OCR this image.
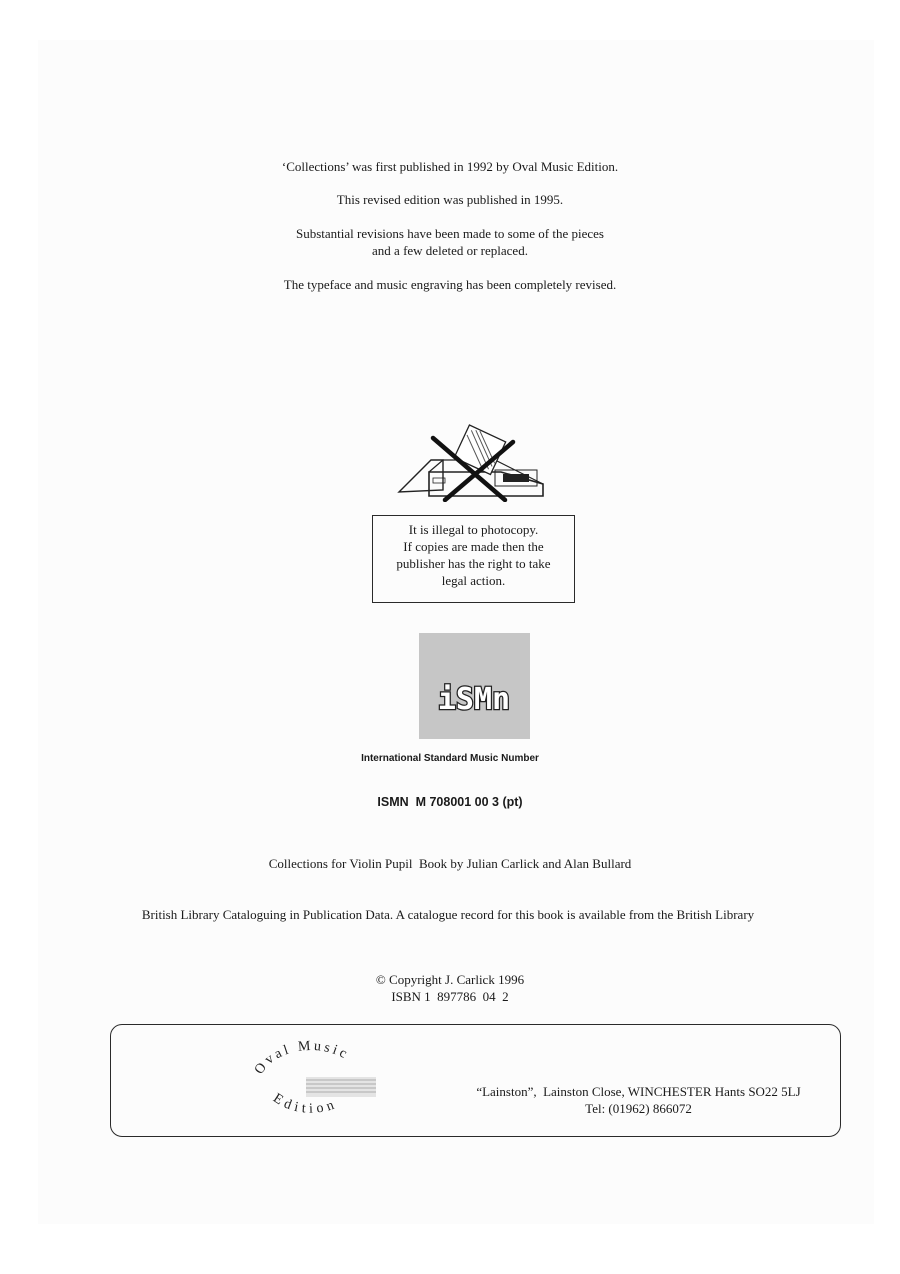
‘Collections’ was first published in 1992 by Oval Music Edition.
This revised edition was published in 1995.
Substantial revisions have been made to some of the pieces
and a few deleted or replaced.
The typeface and music engraving has been completely revised.
It is illegal to photocopy.
If copies are made then the
publisher has the right to take
legal action.
iSMn
International Standard Music Number
ISMN  M 708001 00 3 (pt)
Collections for Violin Pupil  Book by Julian Carlick and Alan Bullard
British Library Cataloguing in Publication Data. A catalogue record for this book is available from the British Library
© Copyright J. Carlick 1996
ISBN 1  897786  04  2
Oval Music
Edition
“Lainston”,  Lainston Close, WINCHESTER Hants SO22 5LJ
Tel: (01962) 866072
